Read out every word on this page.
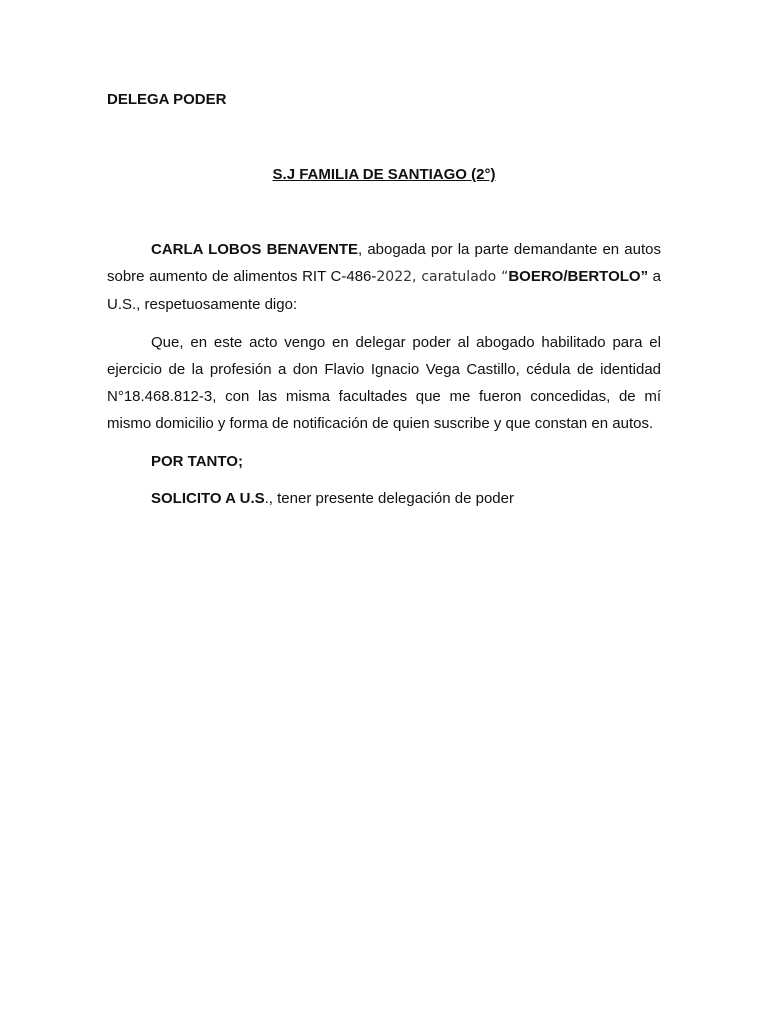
DELEGA PODER
S.J FAMILIA DE SANTIAGO (2°)

CARLA LOBOS BENAVENTE, abogada por la parte demandante en autos sobre aumento de alimentos RIT C-486-2022, caratulado “BOERO/BERTOLO” a U.S., respetuosamente digo:

Que, en este acto vengo en delegar poder al abogado habilitado para el ejercicio de la profesión a don Flavio Ignacio Vega Castillo, cédula de identidad N°18.468.812-3, con las misma facultades que me fueron concedidas, de mí mismo domicilio y forma de notificación de quien suscribe y que constan en autos.

POR TANTO;

SOLICITO A U.S., tener presente delegación de poder
